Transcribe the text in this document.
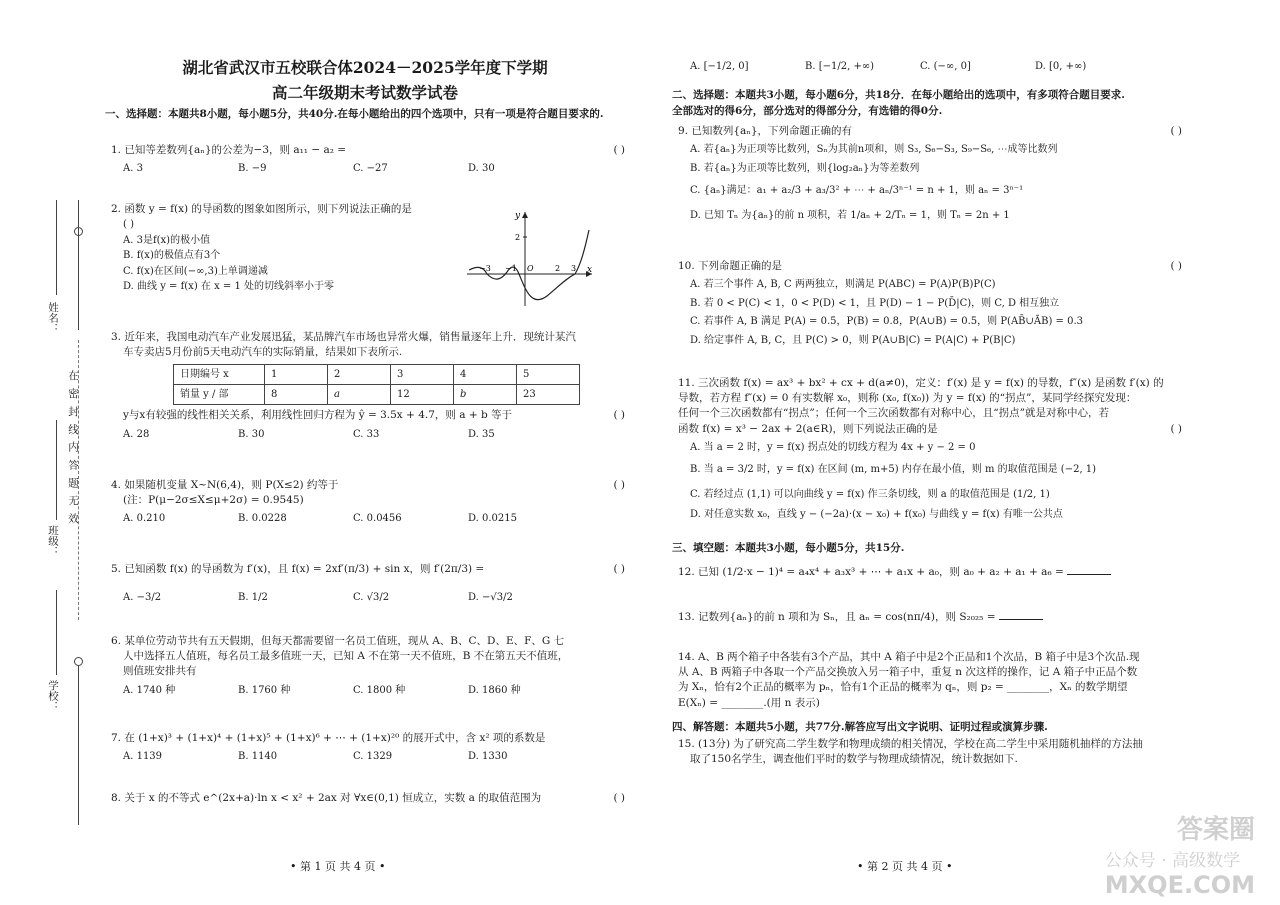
姓名：
在 密 封 线 内 答 题 无 效
班级：
学校：
湖北省武汉市五校联合体2024－2025学年度下学期
高二年级期末考试数学试卷
一、选择题：本题共8小题，每小题5分，共40分.在每小题给出的四个选项中，只有一项是符合题目要求的.
1. 已知等差数列{aₙ}的公差为−3，则 a₁₁ − a₂ =	( )
A. 3	B. −9	C. −27	D. 30
2. 函数 y = f(x) 的导函数的图象如图所示，则下列说法正确的是
( )
A. 3是f(x)的极小值
B. f(x)的极值点有3个
C. f(x)在区间(−∞,3)上单调递减
D. 曲线 y = f(x) 在 x = 1 处的切线斜率小于零
x
y
−3 −1 O	2 3
2
3. 近年来，我国电动汽车产业发展迅猛，某品牌汽车市场也异常火爆，销售量逐年上升．现统计某汽
车专卖店5月份前5天电动汽车的实际销量，结果如下表所示.
日期编号 x	1	2	3	4	5
销量 y / 部	8	a	12	b	23
y与x有较强的线性相关关系，利用线性回归方程为 ŷ = 3.5x + 4.7，则 a + b 等于	( )
A. 28	B. 30	C. 33	D. 35
4. 如果随机变量 X~N(6,4)，则 P(X≤2) 约等于	( )
(注：P(μ−2σ≤X≤μ+2σ) = 0.9545)
A. 0.210	B. 0.0228	C. 0.0456	D. 0.0215
5. 已知函数 f(x) 的导函数为 f′(x)，且 f(x) = 2xf′(π/3) + sin x，则 f′(2π/3) =	( )
A. −3/2	B. 1/2	C. √3/2	D. −√3/2
6. 某单位劳动节共有五天假期，但每天都需要留一名员工值班，现从 A、B、C、D、E、F、G 七
人中选择五人值班，每名员工最多值班一天，已知 A 不在第一天不值班，B 不在第五天不值班，
则值班安排共有
A. 1740 种	B. 1760 种	C. 1800 种	D. 1860 种
7. 在 (1+x)³ + (1+x)⁴ + (1+x)⁵ + (1+x)⁶ + ⋯ + (1+x)²⁰ 的展开式中，含 x² 项的系数是
A. 1139	B. 1140	C. 1329	D. 1330
8. 关于 x 的不等式 e^(2x+a)·ln x < x² + 2ax 对 ∀x∈(0,1) 恒成立，实数 a 的取值范围为	( )
• 第 1 页 共 4 页 •
A. [−1/2, 0]	B. [−1/2, +∞)	C. (−∞, 0]	D. [0, +∞)
二、选择题：本题共3小题，每小题6分，共18分．在每小题给出的选项中，有多项符合题目要求.
全部选对的得6分，部分选对的得部分分，有选错的得0分.
9. 已知数列{aₙ}，下列命题正确的有	( )
A. 若{aₙ}为正项等比数列，Sₙ为其前n项和，则 S₃, S₆−S₃, S₉−S₆, ⋯成等比数列
B. 若{aₙ}为正项等比数列，则{log₂aₙ}为等差数列
C. {aₙ}满足：a₁ + a₂/3 + a₃/3² + ⋯ + aₙ/3ⁿ⁻¹ = n + 1，则 aₙ = 3ⁿ⁻¹
D. 已知 Tₙ 为{aₙ}的前 n 项积，若 1/aₙ + 2/Tₙ = 1，则 Tₙ = 2n + 1
10. 下列命题正确的是	( )
A. 若三个事件 A, B, C 两两独立，则满足 P(ABC) = P(A)P(B)P(C)
B. 若 0 < P(C) < 1，0 < P(D) < 1，且 P(D) − 1 − P(D̄|C)，则 C, D 相互独立
C. 若事件 A, B 满足 P(A) = 0.5，P(B) = 0.8，P(A∪B) = 0.5，则 P(AB̄∪ĀB) = 0.3
D. 给定事件 A, B, C，且 P(C) > 0，则 P(A∪B|C) = P(A|C) + P(B|C)
11. 三次函数 f(x) = ax³ + bx² + cx + d(a≠0)，定义：f′(x) 是 y = f(x) 的导数，f″(x) 是函数 f′(x) 的
导数，若方程 f″(x) = 0 有实数解 x₀，则称 (x₀, f(x₀)) 为 y = f(x) 的“拐点”，某同学经探究发现：
任何一个三次函数都有“拐点”；任何一个三次函数都有对称中心，且“拐点”就是对称中心，若
函数 f(x) = x³ − 2ax + 2(a∈R)，则下列说法正确的是	( )
A. 当 a = 2 时，y = f(x) 拐点处的切线方程为 4x + y − 2 = 0
B. 当 a = 3/2 时，y = f(x) 在区间 (m, m+5) 内存在最小值，则 m 的取值范围是 (−2, 1)
C. 若经过点 (1,1) 可以向曲线 y = f(x) 作三条切线，则 a 的取值范围是 (1/2, 1)
D. 对任意实数 x₀，直线 y − (−2a)·(x − x₀) + f(x₀) 与曲线 y = f(x) 有唯一公共点
三、填空题：本题共3小题，每小题5分，共15分.
12. 已知 (1/2·x − 1)⁴ = a₄x⁴ + a₃x³ + ⋯ + a₁x + a₀，则 a₀ + a₂ + a₁ + a₆ =
13. 记数列{aₙ}的前 n 项和为 Sₙ，且 aₙ = cos(nπ/4)，则 S₂₀₂₅ =
14. A、B 两个箱子中各装有3个产品，其中 A 箱子中是2个正品和1个次品，B 箱子中是3个次品.现
从 A、B 两箱子中各取一个产品交换放入另一箱子中，重复 n 次这样的操作，记 A 箱子中正品个数
为 Xₙ，恰有2个正品的概率为 pₙ，恰有1个正品的概率为 qₙ，则 p₂ = ________，Xₙ 的数学期望
E(Xₙ) = ________.(用 n 表示)
四、解答题：本题共5小题，共77分.解答应写出文字说明、证明过程或演算步骤.
15. (13分) 为了研究高二学生数学和物理成绩的相关情况，学校在高二学生中采用随机抽样的方法抽
取了150名学生，调查他们平时的数学与物理成绩情况，统计数据如下.
• 第 2 页 共 4 页 •
答案圈
公众号 · 高级数学
MXQE.COM
